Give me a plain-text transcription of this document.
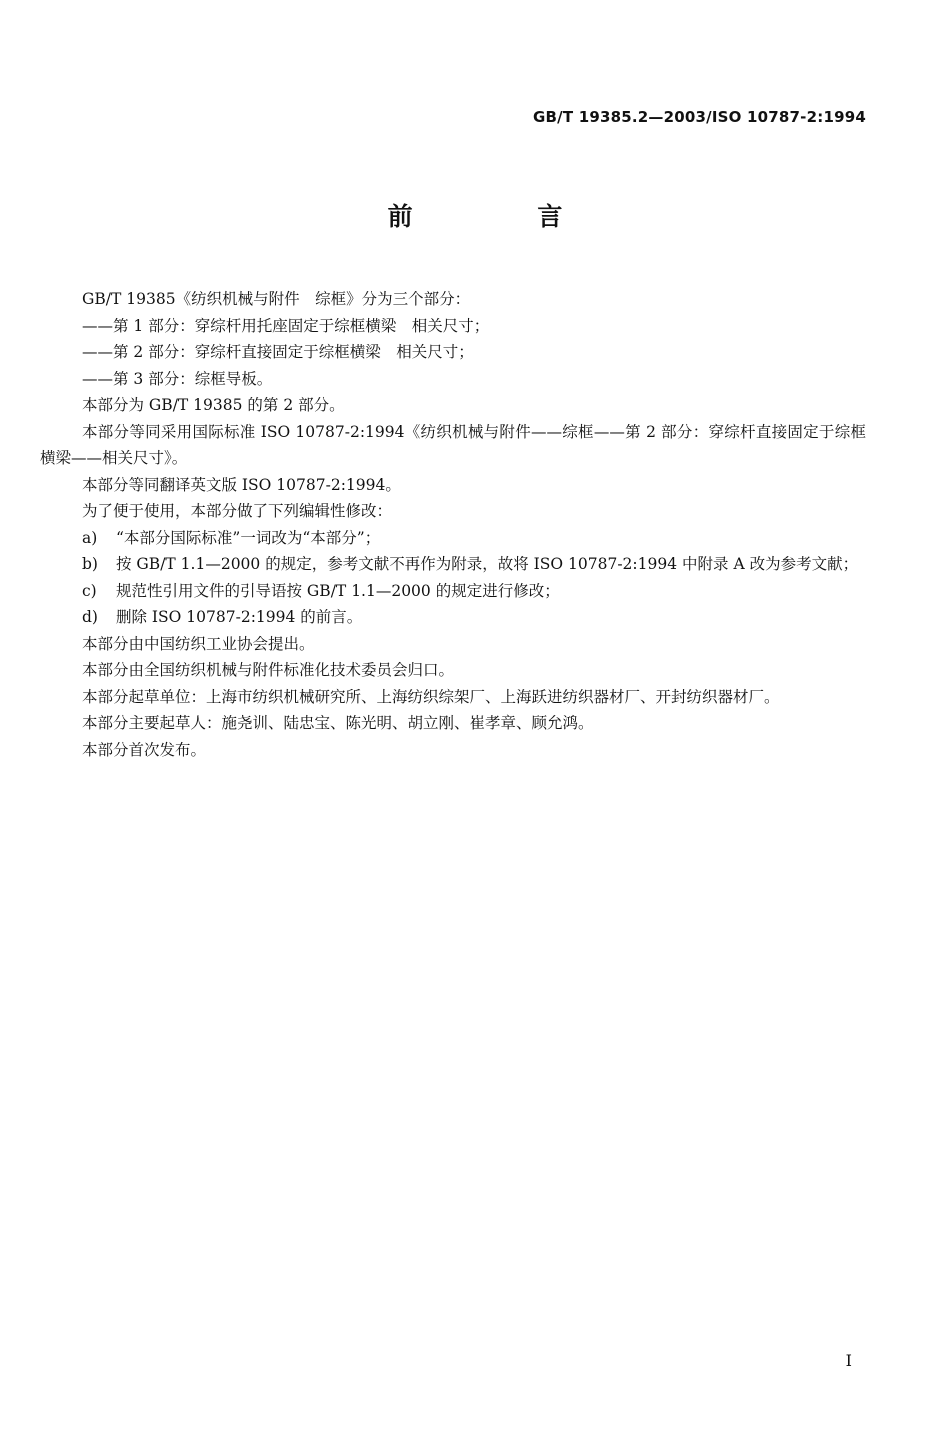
GB/T 19385.2—2003/ISO 10787-2:1994
前 言

GB/T 19385《纺织机械与附件　综框》分为三个部分：

——第 1 部分：穿综杆用托座固定于综框横梁　相关尺寸；

——第 2 部分：穿综杆直接固定于综框横梁　相关尺寸；

——第 3 部分：综框导板。

本部分为 GB/T 19385 的第 2 部分。

本部分等同采用国际标准 ISO 10787-2:1994《纺织机械与附件——综框——第 2 部分：穿综杆直接固定于综框横梁——相关尺寸》。

本部分等同翻译英文版 ISO 10787-2:1994。

为了便于使用，本部分做了下列编辑性修改：

a) “本部分国际标准”一词改为“本部分”；
b) 按 GB/T 1.1—2000 的规定，参考文献不再作为附录，故将 ISO 10787-2:1994 中附录 A 改为参考文献；
c) 规范性引用文件的引导语按 GB/T 1.1—2000 的规定进行修改；
d) 删除 ISO 10787-2:1994 的前言。

本部分由中国纺织工业协会提出。

本部分由全国纺织机械与附件标准化技术委员会归口。

本部分起草单位：上海市纺织机械研究所、上海纺织综架厂、上海跃进纺织器材厂、开封纺织器材厂。

本部分主要起草人：施尧训、陆忠宝、陈光明、胡立刚、崔孝章、顾允鸿。

本部分首次发布。

I
